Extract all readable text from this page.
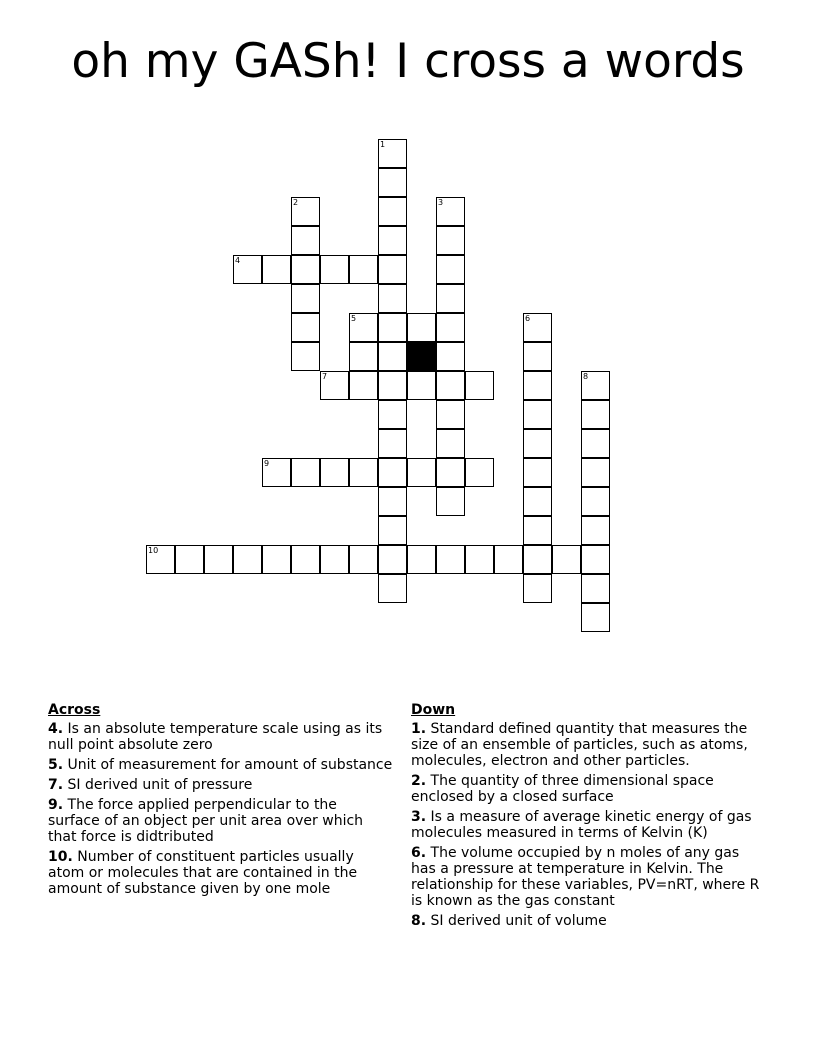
oh my GASh! I cross a words
1
2	3
4
5	6
7	8
9
10
Across
4. Is an absolute temperature scale using as its null point absolute zero
5. Unit of measurement for amount of substance
7. SI derived unit of pressure
9. The force applied perpendicular to the surface of an object per unit area over which that force is didtributed
10. Number of constituent particles usually atom or molecules that are contained in the amount of substance given by one mole
Down
1. Standard defined quantity that measures the size of an ensemble of particles, such as atoms, molecules, electron and other particles.
2. The quantity of three dimensional space enclosed by a closed surface
3. Is a measure of average kinetic energy of gas molecules measured in terms of Kelvin (K)
6. The volume occupied by n moles of any gas has a pressure at temperature in Kelvin. The relationship for these variables, PV=nRT, where R is known as the gas constant
8. SI derived unit of volume
